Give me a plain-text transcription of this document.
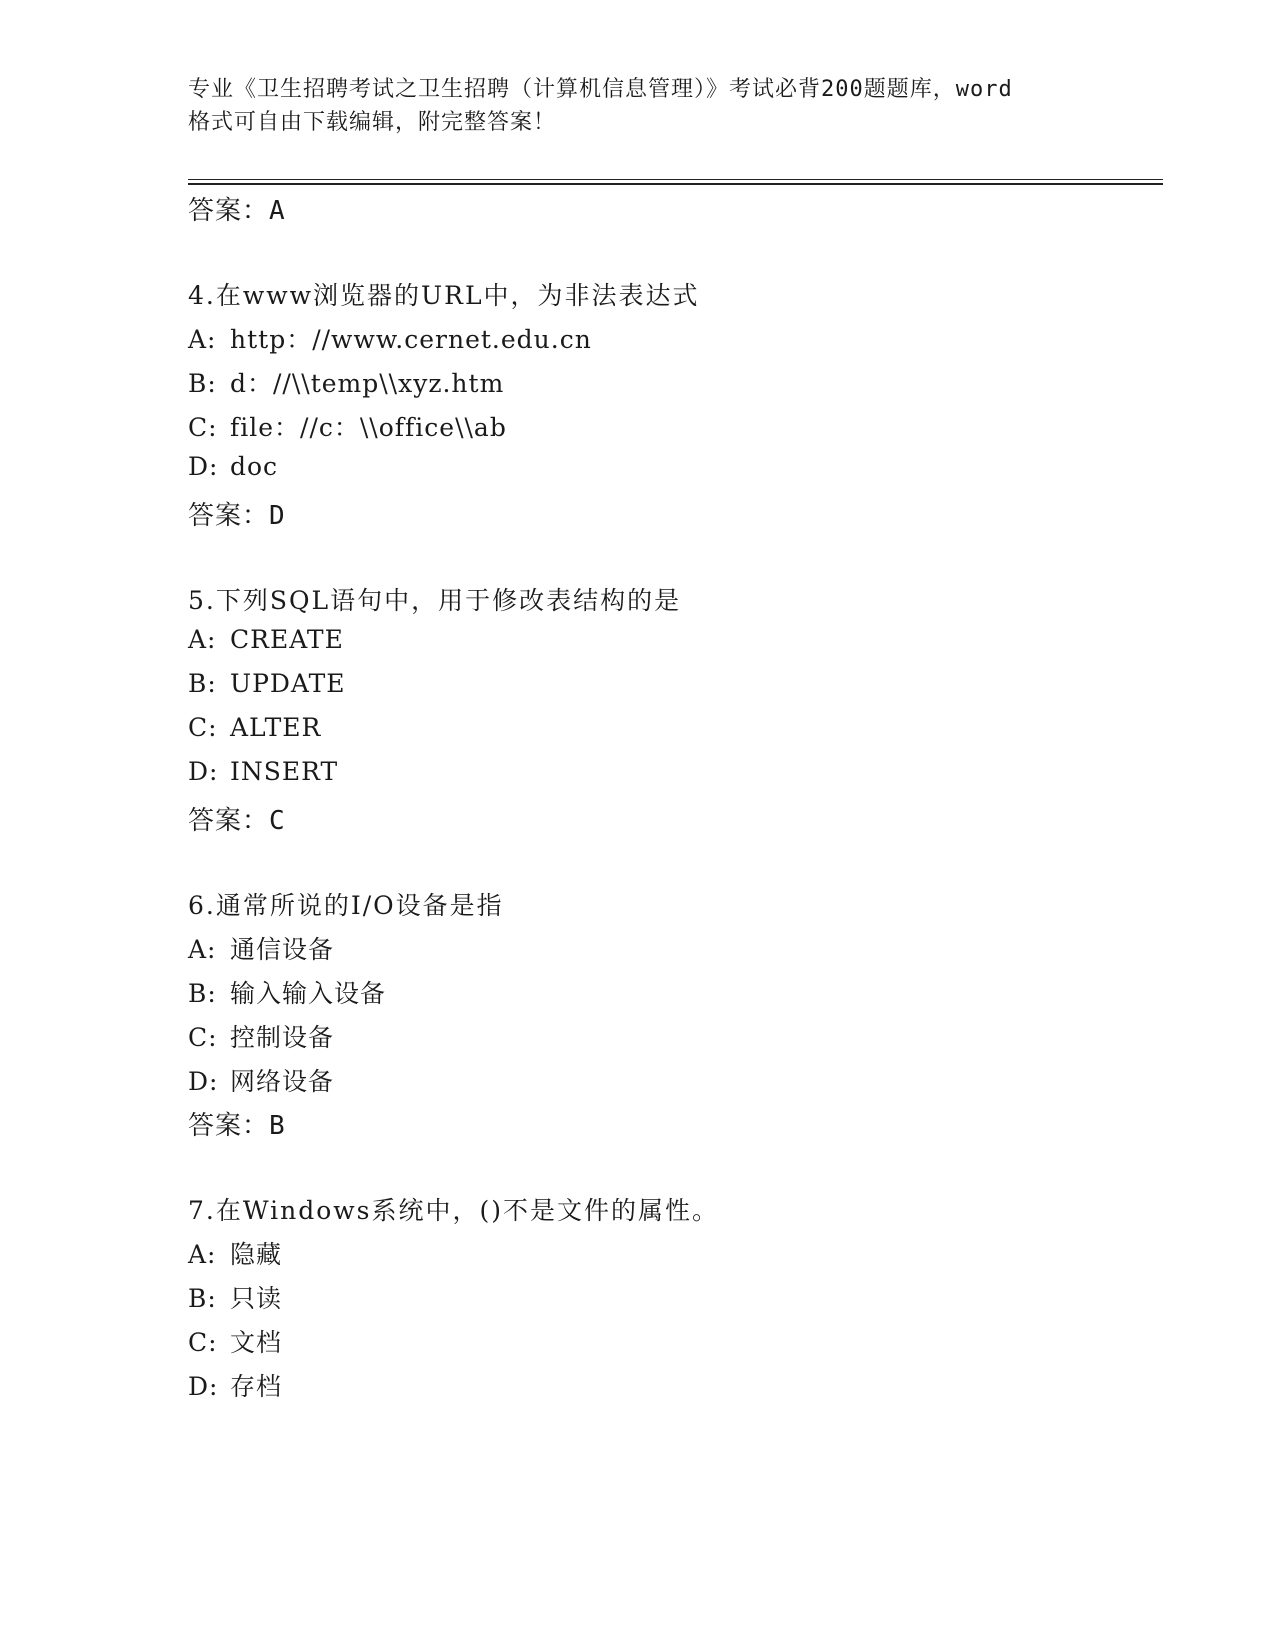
专业《卫生招聘考试之卫生招聘（计算机信息管理）》考试必背200题题库，word
格式可自由下载编辑，附完整答案！
答案：A
4.在www浏览器的URL中，为非法表达式
A: http：//www.cernet.edu.cn
B: d：//\\temp\\xyz.htm
C: file：//c：\\office\\ab
D: doc
答案：D
5.下列SQL语句中，用于修改表结构的是
A: CREATE
B: UPDATE
C: ALTER
D: INSERT
答案：C
6.通常所说的I/O设备是指
A: 通信设备
B: 输入输入设备
C: 控制设备
D: 网络设备
答案：B
7.在Windows系统中，()不是文件的属性。
A: 隐藏
B: 只读
C: 文档
D: 存档
